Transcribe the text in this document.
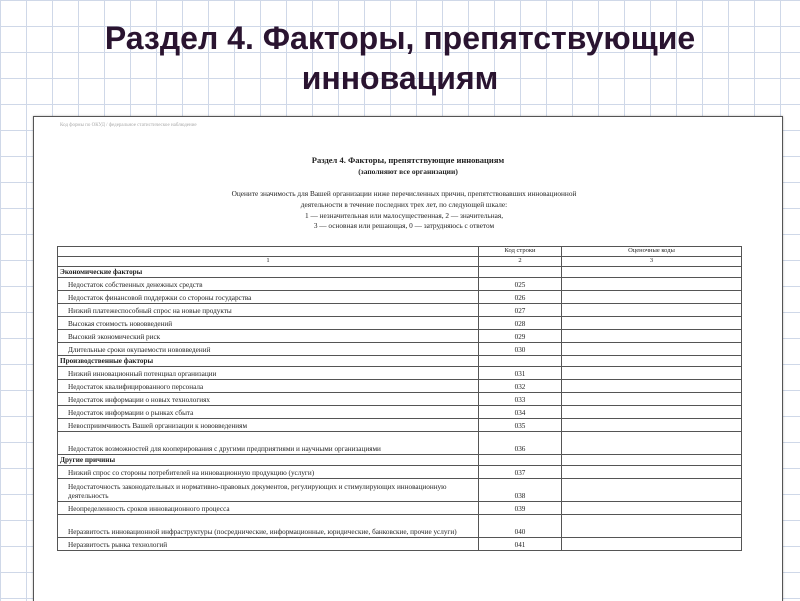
Раздел 4. Факторы, препятствующие
инновациям
Код формы по ОКУД / федеральное статистическое наблюдение
Раздел 4. Факторы, препятствующие инновациям
(заполняют все организации)
Оцените значимость для Вашей организации ниже перечисленных причин, препятствовавших инновационной
деятельности в течение последних трех лет, по следующей шкале:
1 — незначительная или малосущественная, 2 — значительная,
3 — основная или решающая, 0 — затрудняюсь с ответом
	Код строки	Оценочные коды
1	2	3
Экономические факторы		
Недостаток собственных денежных средств	025	
Недостаток финансовой поддержки со стороны государства	026	
Низкий платежеспособный спрос на новые продукты	027	
Высокая стоимость нововведений	028	
Высокий экономический риск	029	
Длительные сроки окупаемости нововведений	030	
Производственные факторы		
Низкий инновационный потенциал организации	031	
Недостаток квалифицированного персонала	032	
Недостаток информации о новых технологиях	033	
Недостаток информации о рынках сбыта	034	
Невосприимчивость Вашей организации к нововведениям	035	
Недостаток возможностей для кооперирования с другими предприятиями и научными организациями	036	
Другие причины		
Низкий спрос со стороны потребителей на инновационную продукцию (услуги)	037	
Недостаточность законодательных и нормативно-правовых документов, регулирующих и стимулирующих инновационную деятельность	038	
Неопределенность сроков инновационного процесса	039	
Неразвитость инновационной инфраструктуры (посреднические, информационные, юридические, банковские, прочие услуги)	040	
Неразвитость рынка технологий	041	
